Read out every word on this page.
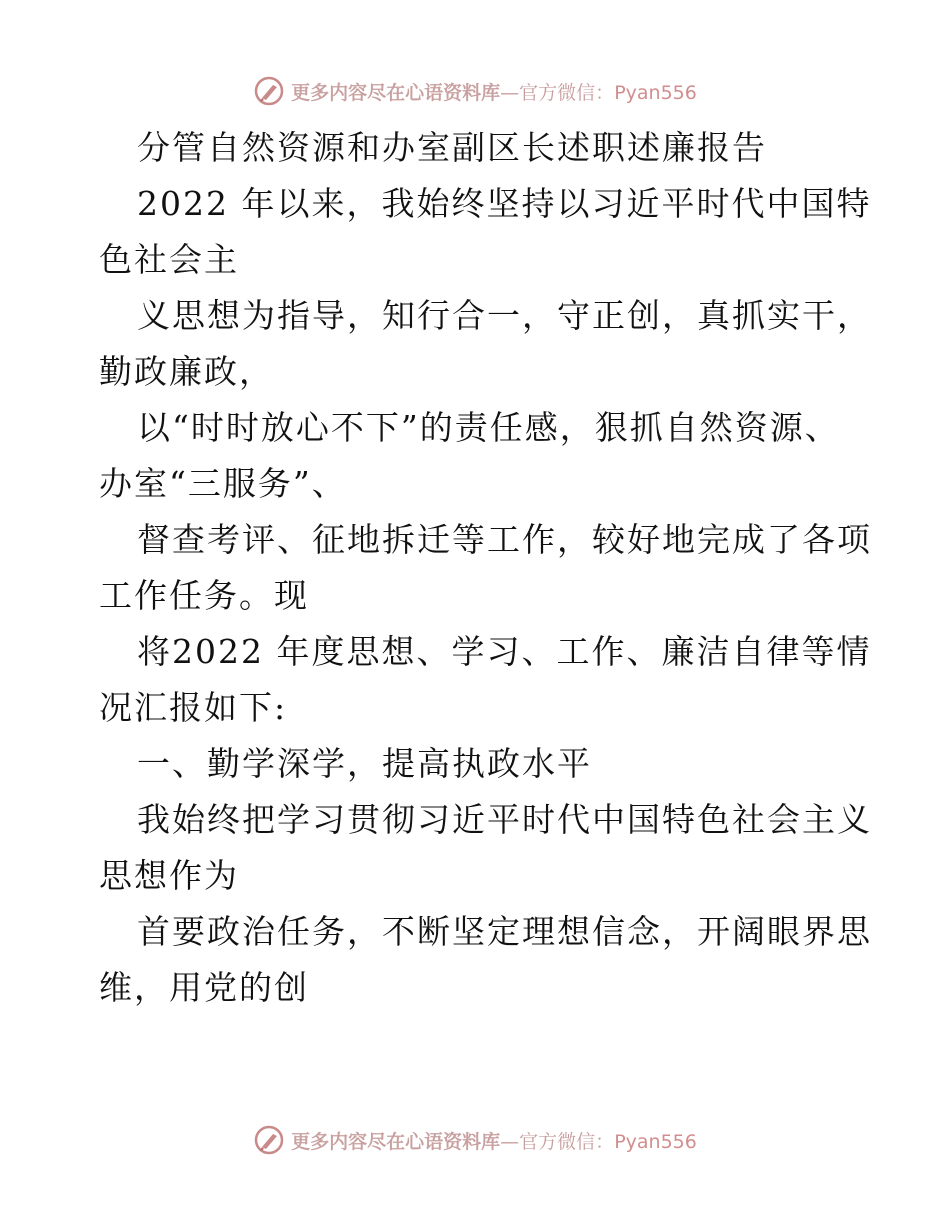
更多内容尽在心语资料库—官方微信：Pyan556
分管自然资源和办室副区长述职述廉报告
2022 年以来，我始终坚持以习近平时代中国特
色社会主
义思想为指导，知行合一，守正创，真抓实干，
勤政廉政，
以“时时放心不下”的责任感，狠抓自然资源、
办室“三服务”、
督查考评、征地拆迁等工作，较好地完成了各项
工作任务。现
将2022 年度思想、学习、工作、廉洁自律等情
况汇报如下:
一、勤学深学，提高执政水平
我始终把学习贯彻习近平时代中国特色社会主义
思想作为
首要政治任务，不断坚定理想信念，开阔眼界思
维，用党的创
更多内容尽在心语资料库—官方微信：Pyan556
